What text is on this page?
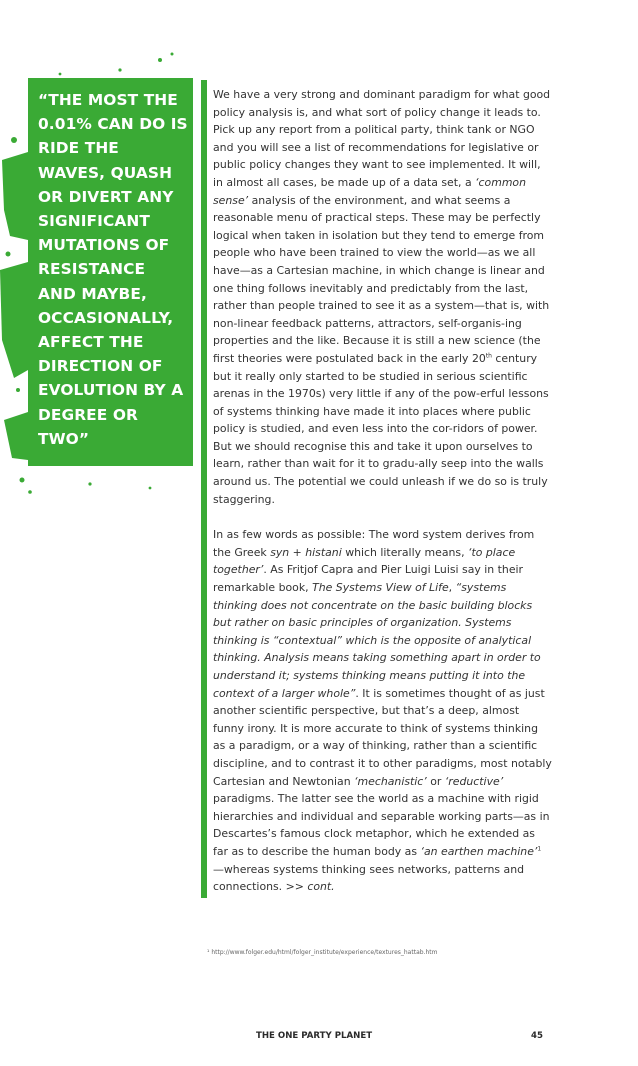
“THE MOST THE 0.01% CAN DO IS RIDE THE WAVES, QUASH OR DIVERT ANY SIGNIFICANT MUTATIONS OF RESISTANCE AND MAYBE, OCCASIONALLY, AFFECT THE DIRECTION OF EVOLUTION BY A DEGREE OR TWO”

We have a very strong and dominant paradigm for what good policy analysis is, and what sort of policy change it leads to. Pick up any report from a political party, think tank or NGO and you will see a list of recommendations for legislative or public policy changes they want to see implemented. It will, in almost all cases, be made up of a data set, a ‘common sense’ analysis of the environment, and what seems a reasonable menu of practical steps. These may be perfectly logical when taken in isolation but they tend to emerge from people who have been trained to view the world—as we all have—as a Cartesian machine, in which change is linear and one thing follows inevitably and predictably from the last, rather than people trained to see it as a system—that is, with non-linear feedback patterns, attractors, self-organis-ing properties and the like. Because it is still a new science (the first theories were postulated back in the early 20th century but it really only started to be studied in serious scientific arenas in the 1970s) very little if any of the pow-erful lessons of systems thinking have made it into places where public policy is studied, and even less into the cor-ridors of power. But we should recognise this and take it upon ourselves to learn, rather than wait for it to gradu-ally seep into the walls around us. The potential we could unleash if we do so is truly staggering.

In as few words as possible: The word system derives from the Greek syn + histani which literally means, ‘to place together’. As Fritjof Capra and Pier Luigi Luisi say in their remarkable book, The Systems View of Life, “systems thinking does not concentrate on the basic building blocks but rather on basic principles of organization. Systems thinking is “contextual” which is the opposite of analytical thinking. Analysis means taking something apart in order to understand it; systems thinking means putting it into the context of a larger whole”. It is sometimes thought of as just another scientific perspective, but that’s a deep, almost funny irony. It is more accurate to think of systems thinking as a paradigm, or a way of thinking, rather than a scientific discipline, and to contrast it to other paradigms, most notably Cartesian and Newtonian ‘mechanistic’ or ‘reductive’ paradigms. The latter see the world as a machine with rigid hierarchies and individual and separable working parts—as in Descartes’s famous clock metaphor, which he extended as far as to describe the human body as ‘an earthen machine’$^1$ —whereas systems thinking sees networks, patterns and connections. >> cont.

¹ http://www.folger.edu/html/folger_institute/experience/textures_hattab.htm
THE ONE PARTY PLANET	45
